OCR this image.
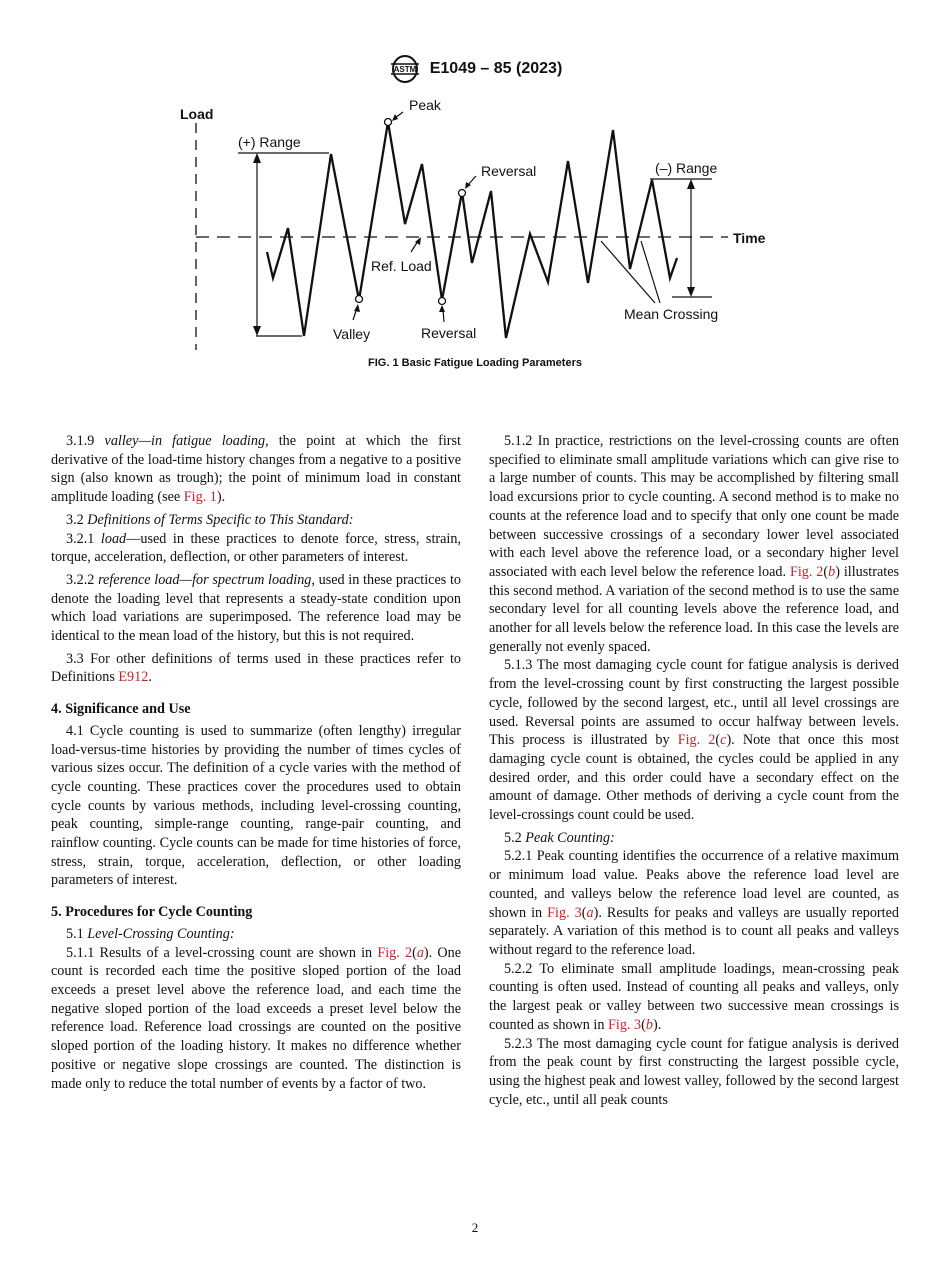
ASTM E1049 – 85 (2023)
Load
Time
(+) Range
(–) Range
Peak
Reversal
Valley	Reversal
Ref. Load
Mean Crossing
FIG. 1 Basic Fatigue Loading Parameters

3.1.9 valley—in fatigue loading, the point at which the first derivative of the load-time history changes from a negative to a positive sign (also known as trough); the point of minimum load in constant amplitude loading (see Fig. 1).

3.2 Definitions of Terms Specific to This Standard:

3.2.1 load—used in these practices to denote force, stress, strain, torque, acceleration, deflection, or other parameters of interest.

3.2.2 reference load—for spectrum loading, used in these practices to denote the loading level that represents a steady-state condition upon which load variations are superimposed. The reference load may be identical to the mean load of the history, but this is not required.

3.3 For other definitions of terms used in these practices refer to Definitions E912.

4. Significance and Use

4.1 Cycle counting is used to summarize (often lengthy) irregular load-versus-time histories by providing the number of times cycles of various sizes occur. The definition of a cycle varies with the method of cycle counting. These practices cover the procedures used to obtain cycle counts by various methods, including level-crossing counting, peak counting, simple-range counting, range-pair counting, and rainflow counting. Cycle counts can be made for time histories of force, stress, strain, torque, acceleration, deflection, or other loading parameters of interest.

5. Procedures for Cycle Counting

5.1 Level-Crossing Counting:

5.1.1 Results of a level-crossing count are shown in Fig. 2(a). One count is recorded each time the positive sloped portion of the load exceeds a preset level above the reference load, and each time the negative sloped portion of the load exceeds a preset level below the reference load. Reference load crossings are counted on the positive sloped portion of the loading history. It makes no difference whether positive or negative slope crossings are counted. The distinction is made only to reduce the total number of events by a factor of two.

5.1.2 In practice, restrictions on the level-crossing counts are often specified to eliminate small amplitude variations which can give rise to a large number of counts. This may be accomplished by filtering small load excursions prior to cycle counting. A second method is to make no counts at the reference load and to specify that only one count be made between successive crossings of a secondary lower level associated with each level above the reference load, or a secondary higher level associated with each level below the reference load. Fig. 2(b) illustrates this second method. A variation of the second method is to use the same secondary level for all counting levels above the reference load, and another for all levels below the reference load. In this case the levels are generally not evenly spaced.

5.1.3 The most damaging cycle count for fatigue analysis is derived from the level-crossing count by first constructing the largest possible cycle, followed by the second largest, etc., until all level crossings are used. Reversal points are assumed to occur halfway between levels. This process is illustrated by Fig. 2(c). Note that once this most damaging cycle count is obtained, the cycles could be applied in any desired order, and this order could have a secondary effect on the amount of damage. Other methods of deriving a cycle count from the level-crossings count could be used.

5.2 Peak Counting:

5.2.1 Peak counting identifies the occurrence of a relative maximum or minimum load value. Peaks above the reference load level are counted, and valleys below the reference load level are counted, as shown in Fig. 3(a). Results for peaks and valleys are usually reported separately. A variation of this method is to count all peaks and valleys without regard to the reference load.

5.2.2 To eliminate small amplitude loadings, mean-crossing peak counting is often used. Instead of counting all peaks and valleys, only the largest peak or valley between two successive mean crossings is counted as shown in Fig. 3(b).

5.2.3 The most damaging cycle count for fatigue analysis is derived from the peak count by first constructing the largest possible cycle, using the highest peak and lowest valley, followed by the second largest cycle, etc., until all peak counts

2
